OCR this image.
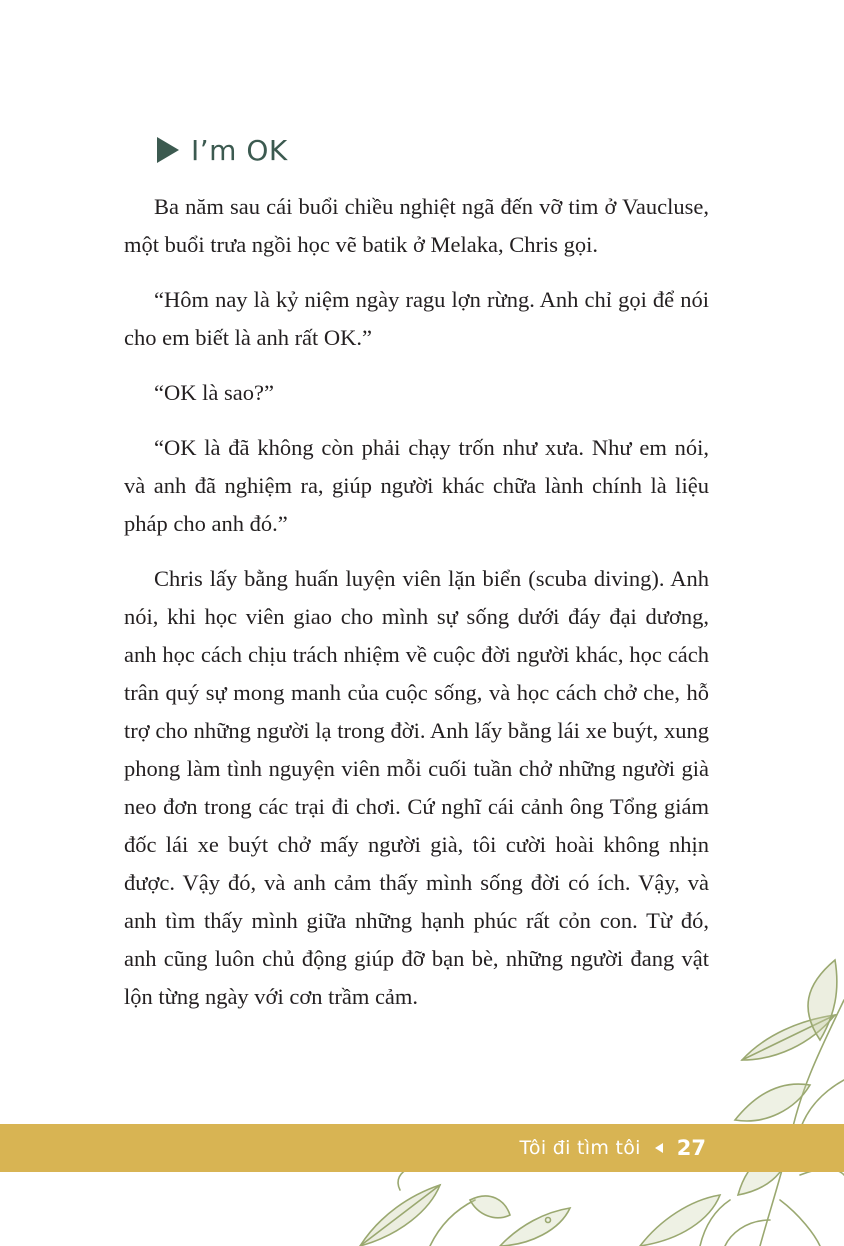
I’m OK

Ba năm sau cái buổi chiều nghiệt ngã đến vỡ tim ở Vaucluse, một buổi trưa ngồi học vẽ batik ở Melaka, Chris gọi.

“Hôm nay là kỷ niệm ngày ragu lợn rừng. Anh chỉ gọi để nói cho em biết là anh rất OK.”

“OK là sao?”

“OK là đã không còn phải chạy trốn như xưa. Như em nói, và anh đã nghiệm ra, giúp người khác chữa lành chính là liệu pháp cho anh đó.”

Chris lấy bằng huấn luyện viên lặn biển (scuba diving). Anh nói, khi học viên giao cho mình sự sống dưới đáy đại dương, anh học cách chịu trách nhiệm về cuộc đời người khác, học cách trân quý sự mong manh của cuộc sống, và học cách chở che, hỗ trợ cho những người lạ trong đời. Anh lấy bằng lái xe buýt, xung phong làm tình nguyện viên mỗi cuối tuần chở những người già neo đơn trong các trại đi chơi. Cứ nghĩ cái cảnh ông Tổng giám đốc lái xe buýt chở mấy người già, tôi cười hoài không nhịn được. Vậy đó, và anh cảm thấy mình sống đời có ích. Vậy, và anh tìm thấy mình giữa những hạnh phúc rất cỏn con. Từ đó, anh cũng luôn chủ động giúp đỡ bạn bè, những người đang vật lộn từng ngày với cơn trầm cảm.

Tôi đi tìm tôi 27
